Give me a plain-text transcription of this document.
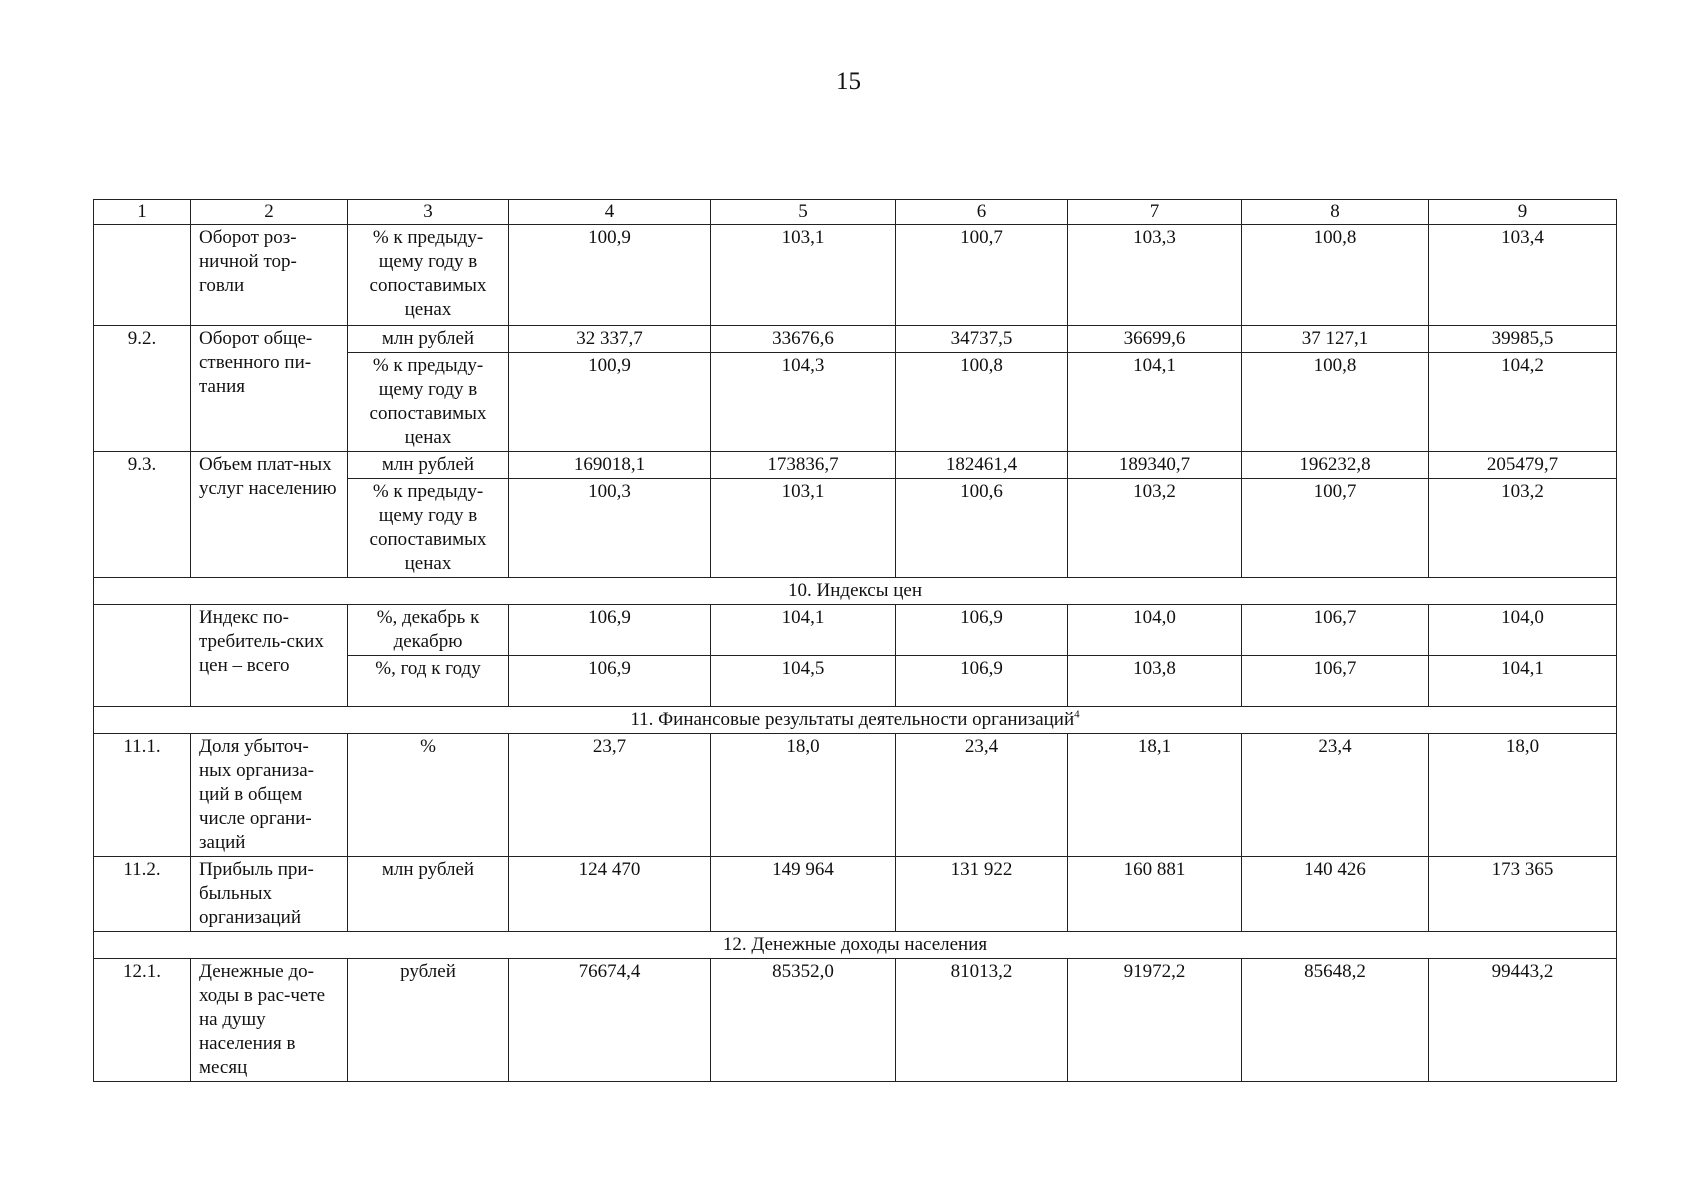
15
1	2	3	4	5	6	7	8	9
	Оборот роз-ничной тор-говли	% к предыду-щему году в сопоставимых ценах	100,9	103,1	100,7	103,3	100,8	103,4
9.2.	Оборот обще-ственного пи-тания	млн рублей	32 337,7	33676,6	34737,5	36699,6	37 127,1	39985,5
		% к предыду-щему году в сопоставимых ценах	100,9	104,3	100,8	104,1	100,8	104,2
9.3.	Объем плат-ных услуг населению	млн рублей	169018,1	173836,7	182461,4	189340,7	196232,8	205479,7
		% к предыду-щему году в сопоставимых ценах	100,3	103,1	100,6	103,2	100,7	103,2
10. Индексы цен								
	Индекс по-требитель-ских цен – всего	%, декабрь к декабрю	106,9	104,1	106,9	104,0	106,7	104,0
		%, год к году	106,9	104,5	106,9	103,8	106,7	104,1
11. Финансовые результаты деятельности организаций$^4$
11.1.	Доля убыточ-ных организа-ций в общем числе органи-заций	%	23,7	18,0	23,4	18,1	23,4	18,0
11.2.	Прибыль при-быльных организаций	млн рублей	124 470	149 964	131 922	160 881	140 426	173 365
12. Денежные доходы населения								
12.1.	Денежные до-ходы в рас-чете на душу населения в месяц	рублей	76674,4	85352,0	81013,2	91972,2	85648,2	99443,2
